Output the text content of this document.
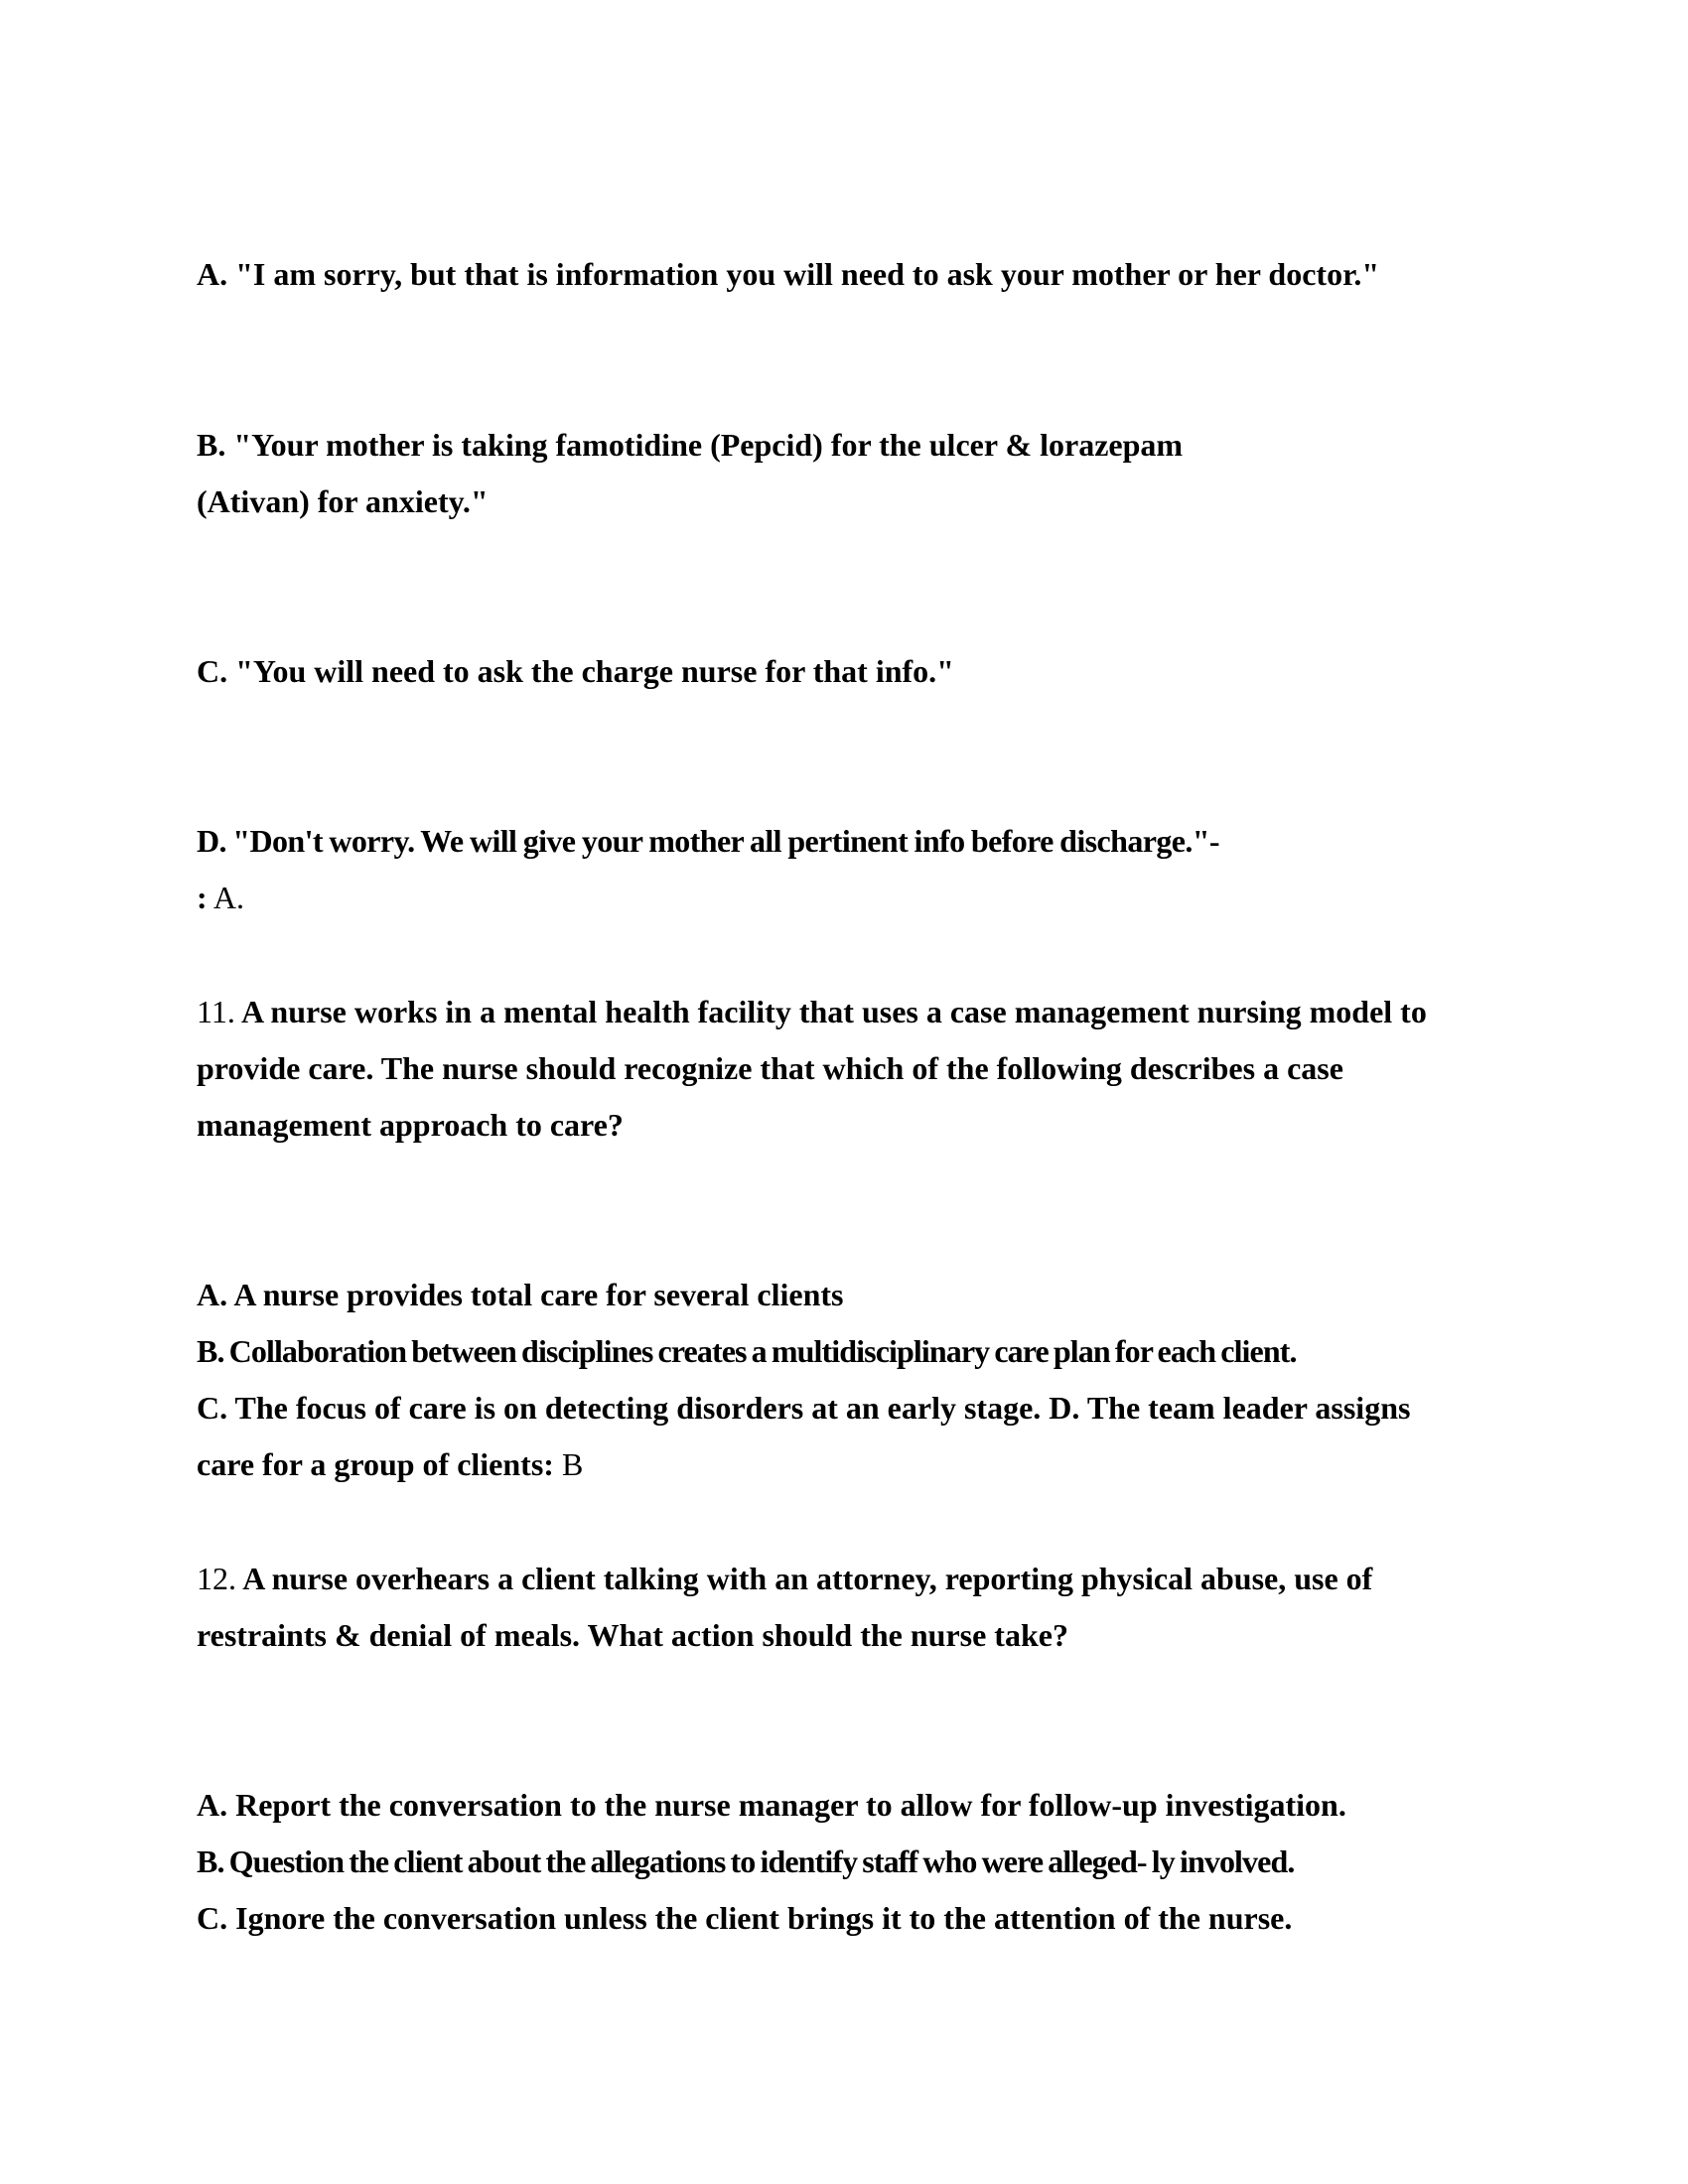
A. "I am sorry, but that is information you will need to ask your mother or her doctor."
B. "Your mother is taking famotidine (Pepcid) for the ulcer & lorazepam
(Ativan) for anxiety."
C. "You will need to ask the charge nurse for that info."
D. "Don't worry. We will give your mother all pertinent info before discharge."-
: A.
11. A nurse works in a mental health facility that uses a case management nursing model to
provide care. The nurse should recognize that which of the following describes a case
management approach to care?
A. A nurse provides total care for several clients
B. Collaboration between disciplines creates a multidisciplinary care plan for each client.
C. The focus of care is on detecting disorders at an early stage. D. The team leader assigns
care for a group of clients: B
12. A nurse overhears a client talking with an attorney, reporting physical abuse, use of
restraints & denial of meals. What action should the nurse take?
A. Report the conversation to the nurse manager to allow for follow-up investigation.
B. Question the client about the allegations to identify staff who were alleged- ly involved.
C. Ignore the conversation unless the client brings it to the attention of the nurse.
